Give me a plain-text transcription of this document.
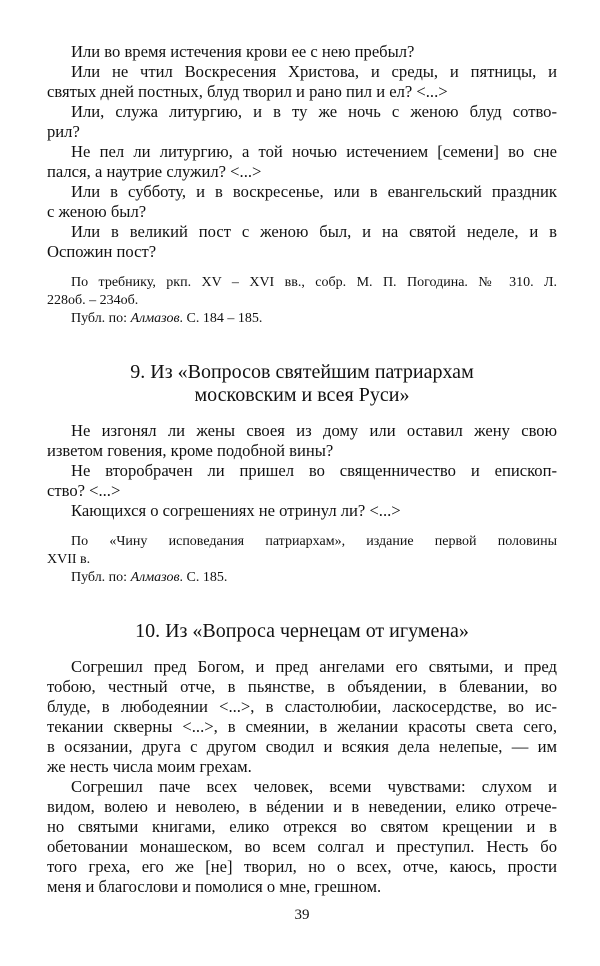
Или во время истечения крови ее с нею пребыл?
Или не чтил Воскресения Христова, и среды, и пятницы, и
святых дней постных, блуд творил и рано пил и ел? <...>
Или, служа литургию, и в ту же ночь с женою блуд сотво-
рил?
Не пел ли литургию, а той ночью истечением [семени] во сне
пался, а наутрие служил? <...>
Или в субботу, и в воскресенье, или в евангельский праздник
с женою был?
Или в великий пост с женою был, и на святой неделе, и в
Оспожин пост?
По требнику, ркп. XV – XVI вв., собр. М. П. Погодина. № 310. Л.
228об. – 234об.
Публ. по: Алмазов. С. 184 – 185.
9. Из «Вопросов святейшим патриархам
московским и всея Руси»
Не изгонял ли жены своея из дому или оставил жену свою
изветом говения, кроме подобной вины?
Не второбрачен ли пришел во священничество и епископ-
ство? <...>
Кающихся о согрешениях не отринул ли? <...>
По «Чину исповедания патриархам», издание первой половины
XVII в.
Публ. по: Алмазов. С. 185.
10. Из «Вопроса чернецам от игумена»
Согрешил пред Богом, и пред ангелами его святыми, и пред
тобою, честный отче, в пьянстве, в объядении, в блевании, во
блуде, в любодеянии <...>, в сластолюбии, ласкосердстве, во ис-
текании скверны <...>, в смеянии, в желании красоты света сего,
в осязании, друга с другом сводил и всякия дела нелепые, — им
же несть числа моим грехам.
Согрешил паче всех человек, всеми чувствами: слухом и
видом, волею и неволею, в вéдении и в неведении, елико отрече-
но святыми книгами, елико отрекся во святом крещении и в
обетовании монашеском, во всем солгал и преступил. Несть бо
того греха, его же [не] творил, но о всех, отче, каюсь, прости
меня и благослови и помолися о мне, грешном.
39
